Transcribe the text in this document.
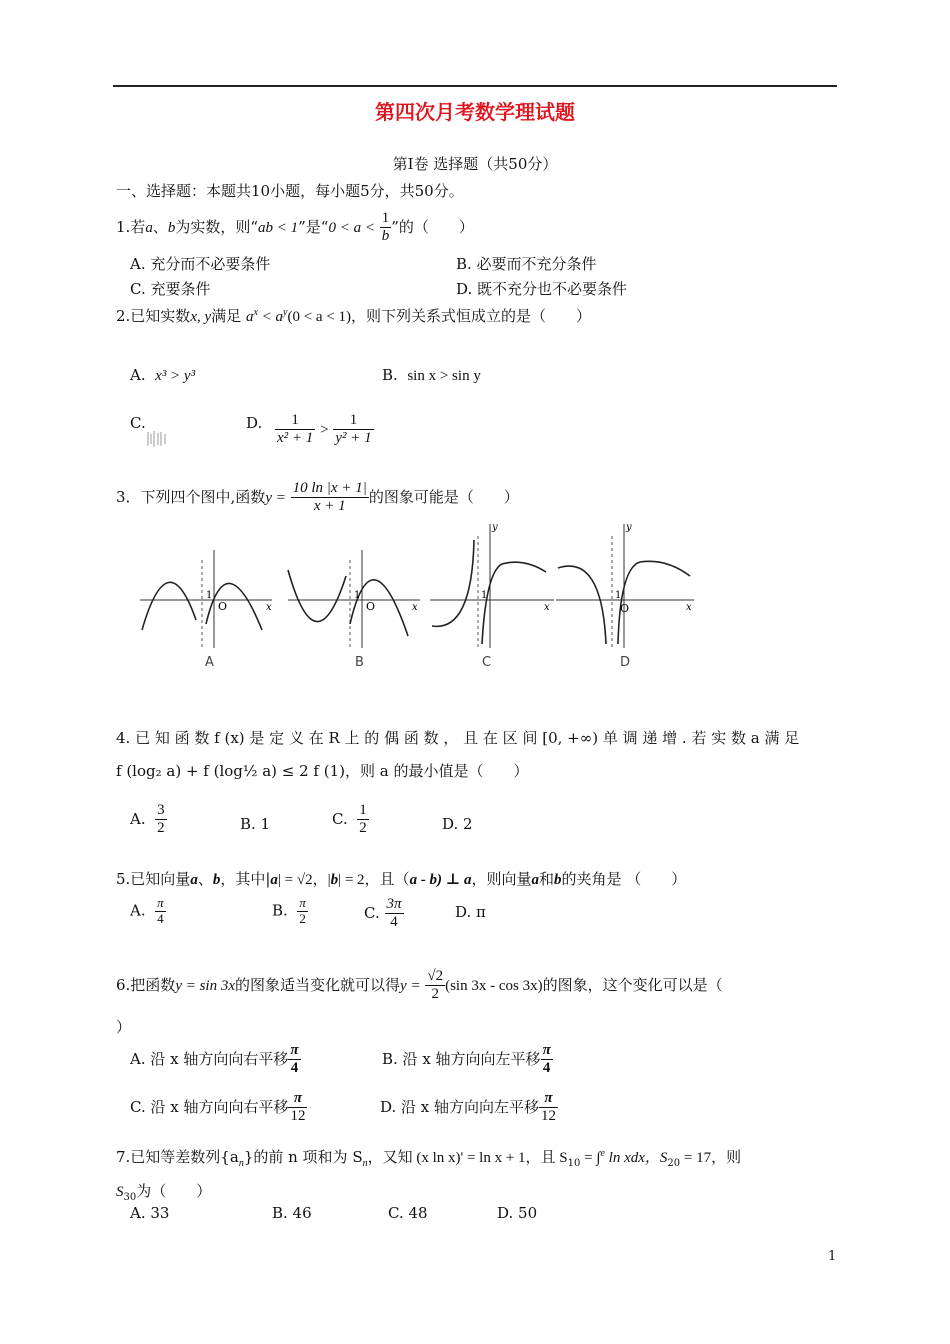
第四次月考数学理试题
第Ⅰ卷 选择题（共50分）
一、选择题：本题共10小题，每小题5分，共50分。
1.若a、b为实数，则“ab < 1”是“$0 < a < \frac{1}{b}$ ”的（　　）
A. 充分而不必要条件	B. 必要而不充分条件
C. 充要条件	D. 既不充分也不必要条件
2.已知实数x, y满足 $a^x < a^y(0 < a < 1)$，则下列关系式恒成立的是（　　）
A. x³ > y³	B. sin x > sin y
C.	D. $\frac{1}{\text{x² + 1}} > \frac{1}{\text{y² + 1}}$
3．下列四个图中,函数$y = \frac{10 \ln |x + 1|}{x + 1}$ 的图象可能是（　　）
1
O	x
1
O	x
1
y
x
1
y
O	x
A	B	C	D
4. 已 知 函 数 f (x) 是 定 义 在 R 上 的 偶 函 数 ， 且 在 区 间 [0, +∞) 单 调 递 增 . 若 实 数 a 满 足
f (log₂ a) + f (log½ a) ≤ 2 f (1)，则 a 的最小值是（　　）
A. $\frac{3}{2}$	B. 1	C. $\frac{1}{2}$	D. 2
5.已知向量a、b，其中|a| = √2，|b| = 2，且（a - b) ⊥ a，则向量a和b的夹角是 （　　）
A. $\frac{\pi}{4}$	B. $\frac{\pi}{2}$	C. $\frac{3\pi}{4}$	D. π
6.把函数y = sin 3x的图象适当变化就可以得$y = \frac{√2}{2} (\sin$ 3x - cos 3x)的图象，这个变化可以是（
）
A. 沿 x 轴方向向右平移 $\frac{\pi}{4}$	B. 沿 x 轴方向向左平移 $\frac{\pi}{4}$
C. 沿 x 轴方向向右平移 $\frac{\pi}{12}$	D. 沿 x 轴方向向左平移 $\frac{\pi}{12}$
7.已知等差数列$\{a_n\}$的前 n 项和为 $S_n$，又知 (x ln x)' = ln x + 1，且 $S_{10} = \int^e$ ln xdx，$S_{20} = 17$，则
$S_{30}$为（　　）
A. 33	B. 46	C. 48	D. 50
1
